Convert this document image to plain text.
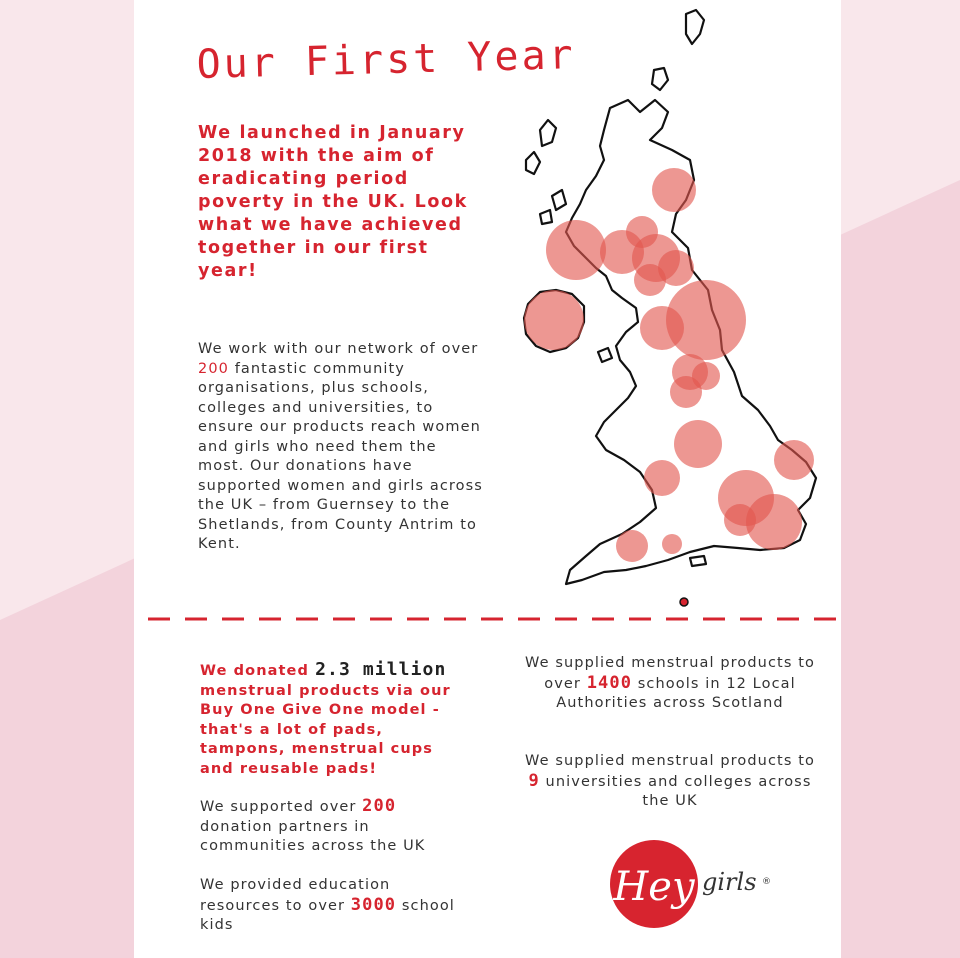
Our First Year

We launched in January 2018 with the aim of eradicating period poverty in the UK. Look what we have achieved together in our first year!

We work with our network of over 200 fantastic community organisations, plus schools, colleges and universities, to ensure our products reach women and girls who need them the most. Our donations have supported women and girls across the UK – from Guernsey to the Shetlands, from County Antrim to Kent.

We donated 2.3 million menstrual products via our Buy One Give One model - that's a lot of pads, tampons, menstrual cups and reusable pads!

We supported over 200 donation partners in communities across the UK

We provided education resources to over 3000 school kids

We supplied menstrual products to over 1400 schools in 12 Local Authorities across Scotland

We supplied menstrual products to 9 universities and colleges across the UK

Hey girls ®
